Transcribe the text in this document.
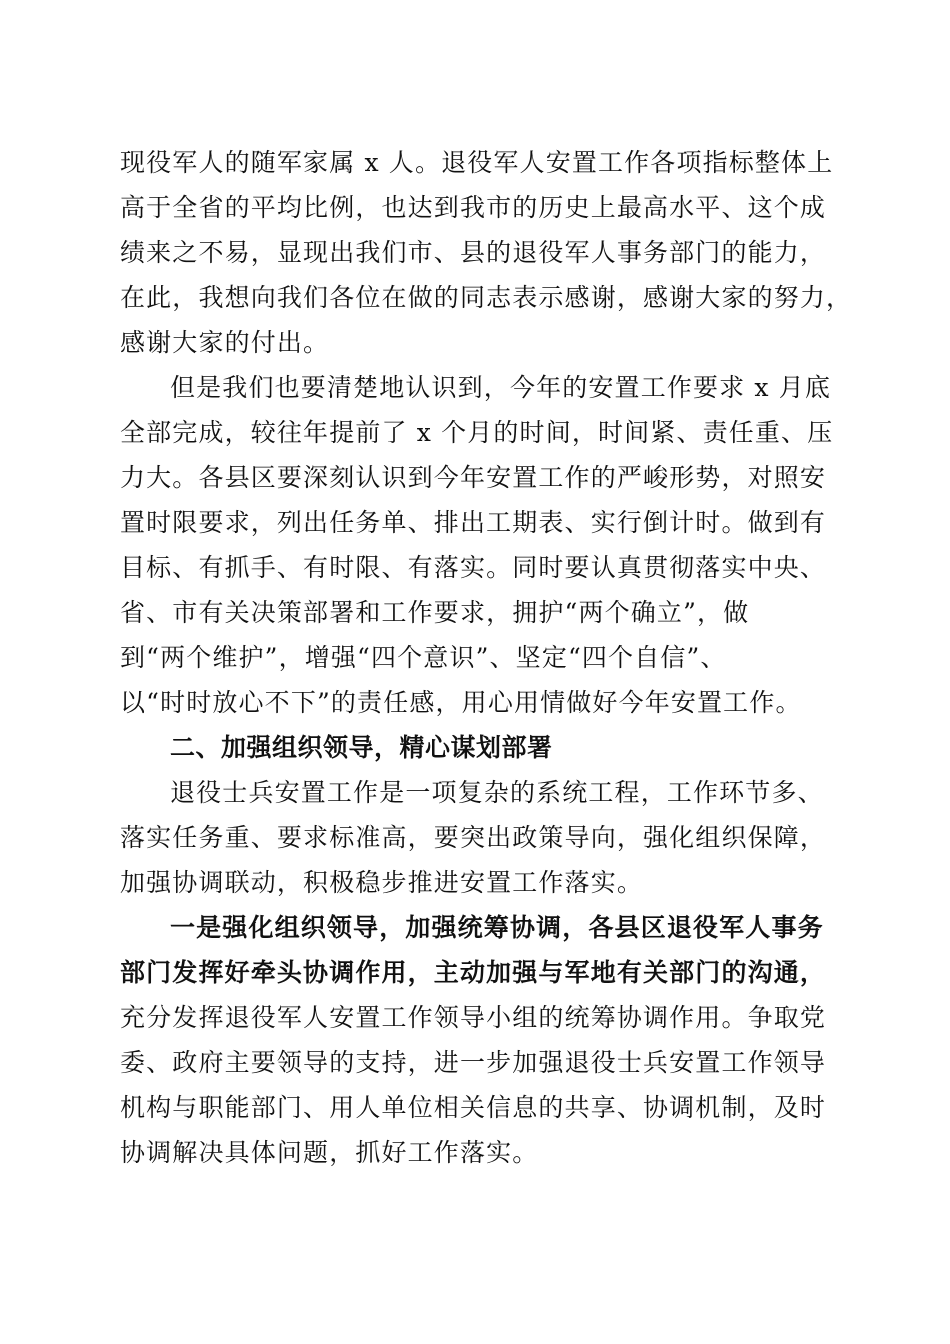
现役军人的随军家属 x 人。退役军人安置工作各项指标整体上
高于全省的平均比例，也达到我市的历史上最高水平、这个成
绩来之不易，显现出我们市、县的退役军人事务部门的能力，
在此，我想向我们各位在做的同志表示感谢，感谢大家的努力，
感谢大家的付出。
但是我们也要清楚地认识到，今年的安置工作要求 x 月底
全部完成，较往年提前了 x 个月的时间，时间紧、责任重、压
力大。各县区要深刻认识到今年安置工作的严峻形势，对照安
置时限要求，列出任务单、排出工期表、实行倒计时。做到有
目标、有抓手、有时限、有落实。同时要认真贯彻落实中央、
省、市有关决策部署和工作要求，拥护“两个确立”，做
到“两个维护”，增强“四个意识”、坚定“四个自信”、
以“时时放心不下”的责任感，用心用情做好今年安置工作。
二、加强组织领导，精心谋划部署
退役士兵安置工作是一项复杂的系统工程，工作环节多、
落实任务重、要求标准高，要突出政策导向，强化组织保障，
加强协调联动，积极稳步推进安置工作落实。
一是强化组织领导，加强统筹协调，各县区退役军人事务
部门发挥好牵头协调作用，主动加强与军地有关部门的沟通，
充分发挥退役军人安置工作领导小组的统筹协调作用。争取党
委、政府主要领导的支持，进一步加强退役士兵安置工作领导
机构与职能部门、用人单位相关信息的共享、协调机制，及时
协调解决具体问题，抓好工作落实。
